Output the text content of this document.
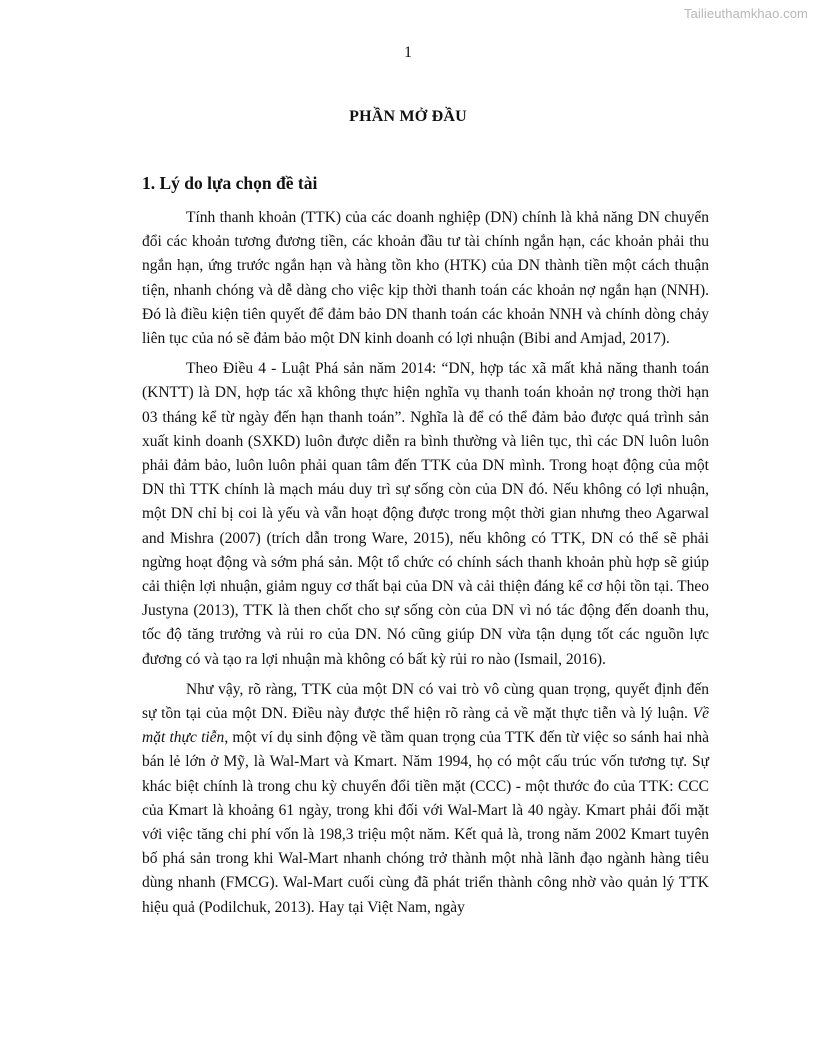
Tailieuthamkhao.com
1
PHẦN MỞ ĐẦU
1. Lý do lựa chọn đề tài

Tính thanh khoản (TTK) của các doanh nghiệp (DN) chính là khả năng DN chuyển đổi các khoản tương đương tiền, các khoản đầu tư tài chính ngắn hạn, các khoản phải thu ngắn hạn, ứng trước ngắn hạn và hàng tồn kho (HTK) của DN thành tiền một cách thuận tiện, nhanh chóng và dễ dàng cho việc kịp thời thanh toán các khoản nợ ngắn hạn (NNH). Đó là điều kiện tiên quyết để đảm bảo DN thanh toán các khoản NNH và chính dòng chảy liên tục của nó sẽ đảm bảo một DN kinh doanh có lợi nhuận (Bibi and Amjad, 2017).

Theo Điều 4 - Luật Phá sản năm 2014: “DN, hợp tác xã mất khả năng thanh toán (KNTT) là DN, hợp tác xã không thực hiện nghĩa vụ thanh toán khoản nợ trong thời hạn 03 tháng kể từ ngày đến hạn thanh toán”. Nghĩa là để có thể đảm bảo được quá trình sản xuất kinh doanh (SXKD) luôn được diễn ra bình thường và liên tục, thì các DN luôn luôn phải đảm bảo, luôn luôn phải quan tâm đến TTK của DN mình. Trong hoạt động của một DN thì TTK chính là mạch máu duy trì sự sống còn của DN đó. Nếu không có lợi nhuận, một DN chỉ bị coi là yếu và vẫn hoạt động được trong một thời gian nhưng theo Agarwal and Mishra (2007) (trích dẫn trong Ware, 2015), nếu không có TTK, DN có thể sẽ phải ngừng hoạt động và sớm phá sản. Một tổ chức có chính sách thanh khoản phù hợp sẽ giúp cải thiện lợi nhuận, giảm nguy cơ thất bại của DN và cải thiện đáng kể cơ hội tồn tại. Theo Justyna (2013), TTK là then chốt cho sự sống còn của DN vì nó tác động đến doanh thu, tốc độ tăng trưởng và rủi ro của DN. Nó cũng giúp DN vừa tận dụng tốt các nguồn lực đương có và tạo ra lợi nhuận mà không có bất kỳ rủi ro nào (Ismail, 2016).

Như vậy, rõ ràng, TTK của một DN có vai trò vô cùng quan trọng, quyết định đến sự tồn tại của một DN. Điều này được thể hiện rõ ràng cả về mặt thực tiễn và lý luận. Về mặt thực tiễn, một ví dụ sinh động về tầm quan trọng của TTK đến từ việc so sánh hai nhà bán lẻ lớn ở Mỹ, là Wal-Mart và Kmart. Năm 1994, họ có một cấu trúc vốn tương tự. Sự khác biệt chính là trong chu kỳ chuyển đổi tiền mặt (CCC) - một thước đo của TTK: CCC của Kmart là khoảng 61 ngày, trong khi đối với Wal-Mart là 40 ngày. Kmart phải đối mặt với việc tăng chi phí vốn là 198,3 triệu một năm. Kết quả là, trong năm 2002 Kmart tuyên bố phá sản trong khi Wal-Mart nhanh chóng trở thành một nhà lãnh đạo ngành hàng tiêu dùng nhanh (FMCG). Wal-Mart cuối cùng đã phát triển thành công nhờ vào quản lý TTK hiệu quả (Podilchuk, 2013). Hay tại Việt Nam, ngày
